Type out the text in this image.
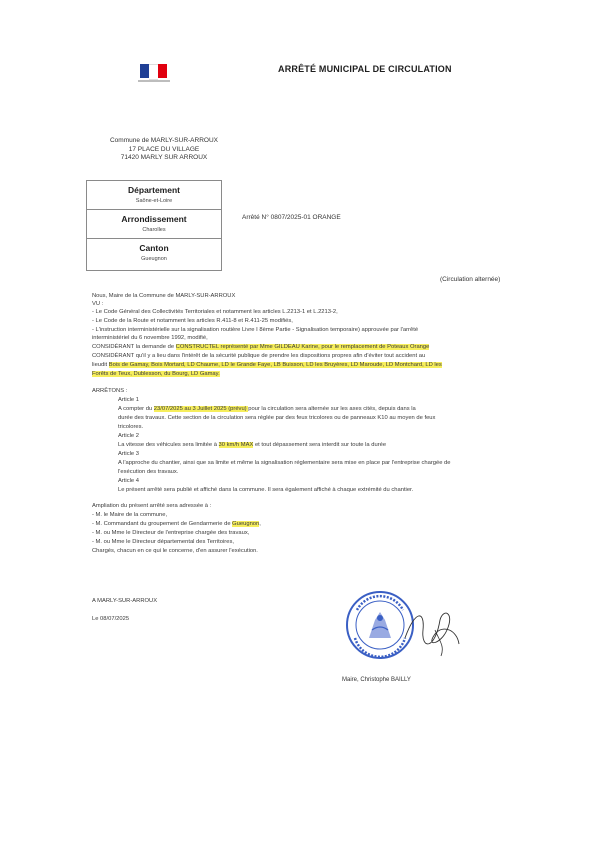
ARRÊTÉ MUNICIPAL DE CIRCULATION
Commune de MARLY-SUR-ARROUX
17 PLACE DU VILLAGE
71420 MARLY SUR ARROUX
Département
Saône-et-Loire
Arrondissement
Charolles
Canton
Gueugnon
Arrêté N° 0807/2025-01 ORANGE
(Circulation alternée)
Nous, Maire de la Commune de MARLY-SUR-ARROUX
VU :
- Le Code Général des Collectivités Territoriales et notamment les articles L.2213-1 et L.2213-2,
- Le Code de la Route et notamment les articles R.411-8 et R.411-25 modifiés,
- L'instruction interministérielle sur la signalisation routière Livre I 8ème Partie - Signalisation temporaire) approuvée par l'arrêté
interministériel du 6 novembre 1992, modifié,
CONSIDÉRANT la demande de CONSTRUCTEL représenté par Mme GILDEAU Karine, pour le remplacement de Poteaux Orange
CONSIDÉRANT qu'il y a lieu dans l'intérêt de la sécurité publique de prendre les dispositions propres afin d'éviter tout accident au
lieudit Bois de Gamay, Bois Mortard, LD Chaume, LD le Grande Faye, LB Buisson, LD les Bruyères, LD Maroude, LD Montchard, LD les
Forêts de Teux, Dublesson, du Bourg, LD Gamay.
ARRÊTONS :
Article 1
A compter du 23/07/2025 au 3 Juillet 2025 (prévu) pour la circulation sera alternée sur les axes cités, depuis dans la
durée des travaux. Cette section de la circulation sera réglée par des feux tricolores ou de panneaux K10 au moyen de feux
tricolores.
Article 2
La vitesse des véhicules sera limitée à 30 km/h MAX et tout dépassement sera interdit sur toute la durée
Article 3
A l'approche du chantier, ainsi que sa limite et même la signalisation réglementaire sera mise en place par l'entreprise chargée de
l'exécution des travaux.
Article 4
Le présent arrêté sera publié et affiché dans la commune. Il sera également affiché à chaque extrémité du chantier.
Ampliation du présent arrêté sera adressée à :
- M. le Maire de la commune,
- M. Commandant du groupement de Gendarmerie de Gueugnon,
- M. ou Mme le Directeur de l'entreprise chargée des travaux,
- M. ou Mme le Directeur départemental des Territoires,
Chargés, chacun en ce qui le concerne, d'en assurer l'exécution.
A MARLY-SUR-ARROUX
Le 08/07/2025
Maire, Christophe BAILLY
